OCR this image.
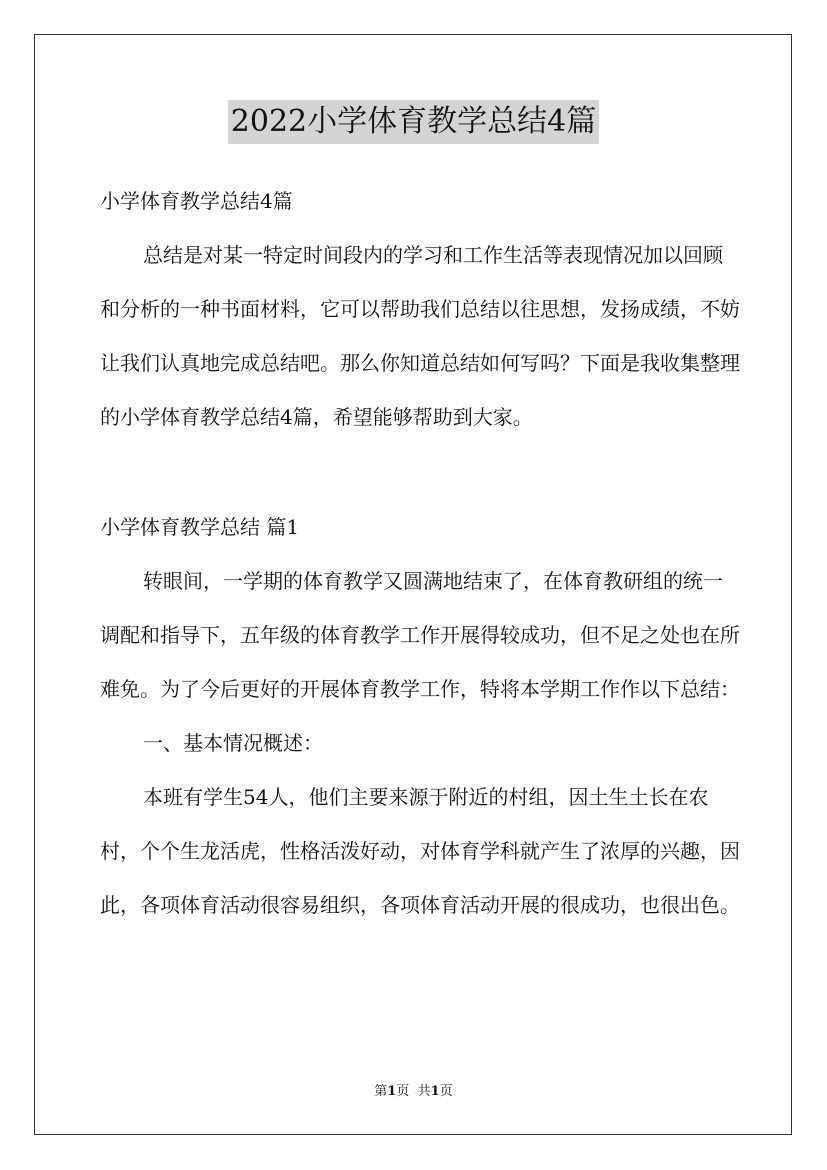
2022小学体育教学总结4篇

小学体育教学总结4篇

总结是对某一特定时间段内的学习和工作生活等表现情况加以回顾和分析的一种书面材料，它可以帮助我们总结以往思想，发扬成绩，不妨让我们认真地完成总结吧。那么你知道总结如何写吗？下面是我收集整理的小学体育教学总结4篇，希望能够帮助到大家。

小学体育教学总结 篇1

转眼间，一学期的体育教学又圆满地结束了，在体育教研组的统一调配和指导下，五年级的体育教学工作开展得较成功，但不足之处也在所难免。为了今后更好的开展体育教学工作，特将本学期工作作以下总结：

一、基本情况概述：

本班有学生54人，他们主要来源于附近的村组，因土生土长在农村，个个生龙活虎，性格活泼好动，对体育学科就产生了浓厚的兴趣，因此，各项体育活动很容易组织，各项体育活动开展的很成功，也很出色。

第1页 共1页
